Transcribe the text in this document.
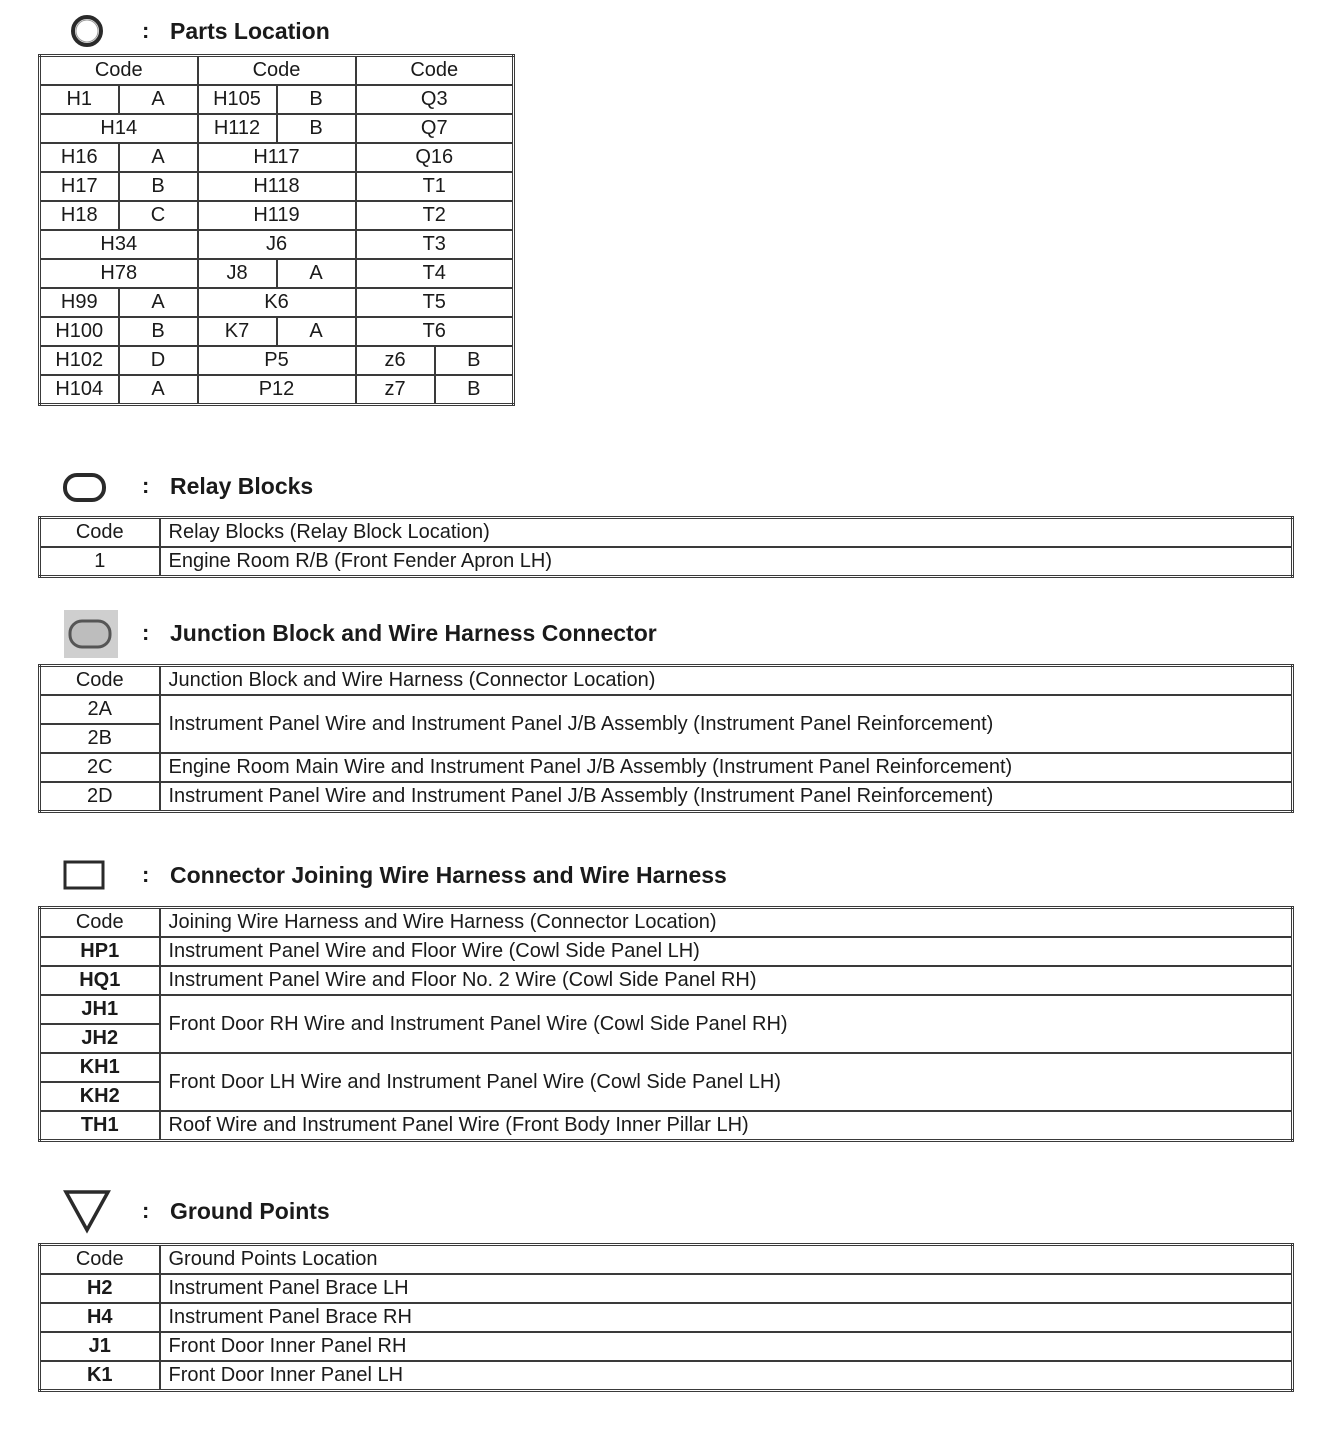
: Parts Location
Code		Code		Code	
H1	A	H105	B	Q3	
H14		H112	B	Q7	
H16	A	H117		Q16	
H17	B	H118		T1	
H18	C	H119		T2	
H34		J6		T3	
H78		J8	A	T4	
H99	A	K6		T5	
H100	B	K7	A	T6	
H102	D	P5		z6	B
H104	A	P12		z7	B
: Relay Blocks
Code	Relay Blocks (Relay Block Location)
1	Engine Room R/B (Front Fender Apron LH)
: Junction Block and Wire Harness Connector
Code	Junction Block and Wire Harness (Connector Location)
2A	Instrument Panel Wire and Instrument Panel J/B Assembly (Instrument Panel Reinforcement)
2B	
2C	Engine Room Main Wire and Instrument Panel J/B Assembly (Instrument Panel Reinforcement)
2D	Instrument Panel Wire and Instrument Panel J/B Assembly (Instrument Panel Reinforcement)
: Connector Joining Wire Harness and Wire Harness
Code	Joining Wire Harness and Wire Harness (Connector Location)
HP1	Instrument Panel Wire and Floor Wire (Cowl Side Panel LH)
HQ1	Instrument Panel Wire and Floor No. 2 Wire (Cowl Side Panel RH)
JH1	Front Door RH Wire and Instrument Panel Wire (Cowl Side Panel RH)
JH2	
KH1	Front Door LH Wire and Instrument Panel Wire (Cowl Side Panel LH)
KH2	
TH1	Roof Wire and Instrument Panel Wire (Front Body Inner Pillar LH)
: Ground Points
Code	Ground Points Location
H2	Instrument Panel Brace LH
H4	Instrument Panel Brace RH
J1	Front Door Inner Panel RH
K1	Front Door Inner Panel LH
